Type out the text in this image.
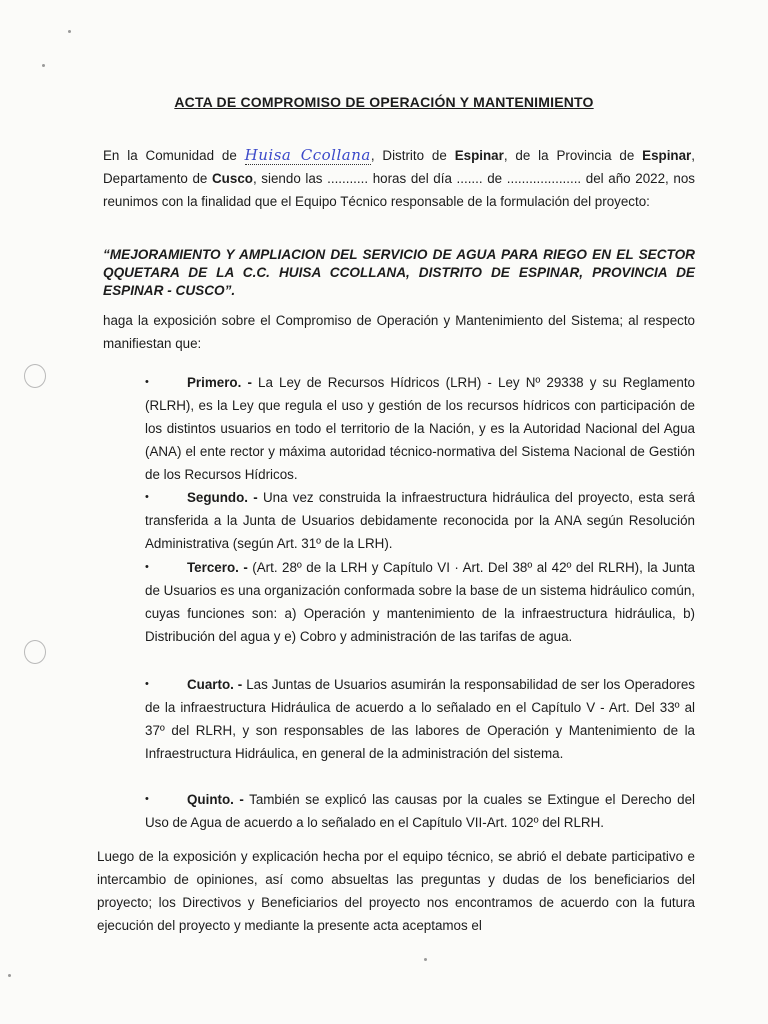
ACTA DE COMPROMISO DE OPERACIÓN Y MANTENIMIENTO

En la Comunidad de Huisa Ccollana, Distrito de Espinar, de la Provincia de Espinar, Departamento de Cusco, siendo las ........... horas del día ....... de .................... del año 2022, nos reunimos con la finalidad que el Equipo Técnico responsable de la formulación del proyecto:

“MEJORAMIENTO Y AMPLIACION DEL SERVICIO DE AGUA PARA RIEGO EN EL SECTOR QQUETARA DE LA C.C. HUISA CCOLLANA, DISTRITO DE ESPINAR, PROVINCIA DE ESPINAR - CUSCO”.

haga la exposición sobre el Compromiso de Operación y Mantenimiento del Sistema; al respecto manifiestan que:

•	Primero. - La Ley de Recursos Hídricos (LRH) - Ley Nº 29338 y su Reglamento (RLRH), es la Ley que regula el uso y gestión de los recursos hídricos con participación de los distintos usuarios en todo el territorio de la Nación, y es la Autoridad Nacional del Agua (ANA) el ente rector y máxima autoridad técnico-normativa del Sistema Nacional de Gestión de los Recursos Hídricos.

•	Segundo. - Una vez construida la infraestructura hidráulica del proyecto, esta será transferida a la Junta de Usuarios debidamente reconocida por la ANA según Resolución Administrativa (según Art. 31º de la LRH).

•	Tercero. - (Art. 28º de la LRH y Capítulo VI · Art. Del 38º al 42º del RLRH), la Junta de Usuarios es una organización conformada sobre la base de un sistema hidráulico común, cuyas funciones son: a) Operación y mantenimiento de la infraestructura hidráulica, b) Distribución del agua y e) Cobro y administración de las tarifas de agua.

•	Cuarto. - Las Juntas de Usuarios asumirán la responsabilidad de ser los Operadores de la infraestructura Hidráulica de acuerdo a lo señalado en el Capítulo V - Art. Del 33º al 37º del RLRH, y son responsables de las labores de Operación y Mantenimiento de la Infraestructura Hidráulica, en general de la administración del sistema.

•	Quinto. - También se explicó las causas por la cuales se Extingue el Derecho del Uso de Agua de acuerdo a lo señalado en el Capítulo VII-Art. 102º del RLRH.

Luego de la exposición y explicación hecha por el equipo técnico, se abrió el debate participativo e intercambio de opiniones, así como absueltas las preguntas y dudas de los beneficiarios del proyecto; los Directivos y Beneficiarios del proyecto nos encontramos de acuerdo con la futura ejecución del proyecto y mediante la presente acta aceptamos el
